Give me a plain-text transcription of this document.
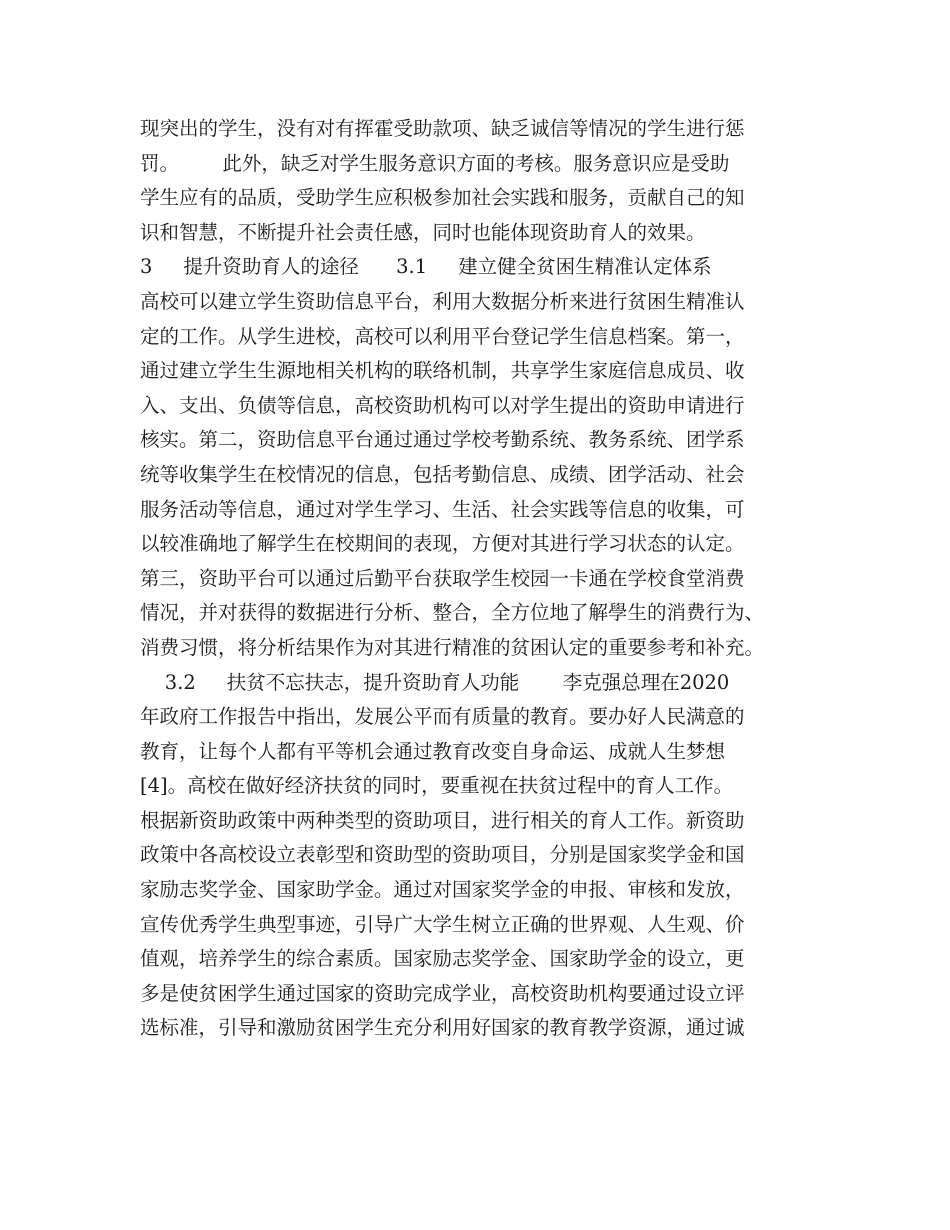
现突出的学生，没有对有挥霍受助款项、缺乏诚信等情况的学生进行惩
罚。       此外，缺乏对学生服务意识方面的考核。服务意识应是受助
学生应有的品质，受助学生应积极参加社会实践和服务，贡献自己的知
识和智慧，不断提升社会责任感，同时也能体现资助育人的效果。
3     提升资助育人的途径      3.1     建立健全贫困生精准认定体系
高校可以建立学生资助信息平台，利用大数据分析来进行贫困生精准认
定的工作。从学生进校，高校可以利用平台登记学生信息档案。第一，
通过建立学生生源地相关机构的联络机制，共享学生家庭信息成员、收
入、支出、负债等信息，高校资助机构可以对学生提出的资助申请进行
核实。第二，资助信息平台通过通过学校考勤系统、教务系统、团学系
统等收集学生在校情况的信息，包括考勤信息、成绩、团学活动、社会
服务活动等信息，通过对学生学习、生活、社会实践等信息的收集，可
以较准确地了解学生在校期间的表现，方便对其进行学习状态的认定。
第三，资助平台可以通过后勤平台获取学生校园一卡通在学校食堂消费
情况，并对获得的数据进行分析、整合，全方位地了解學生的消费行为、
消费习惯，将分析结果作为对其进行精准的贫困认定的重要参考和补充。
3.2     扶贫不忘扶志，提升资助育人功能       李克强总理在2020
年政府工作报告中指出，发展公平而有质量的教育。要办好人民满意的
教育，让每个人都有平等机会通过教育改变自身命运、成就人生梦想
[4]。高校在做好经济扶贫的同时，要重视在扶贫过程中的育人工作。
根据新资助政策中两种类型的资助项目，进行相关的育人工作。新资助
政策中各高校设立表彰型和资助型的资助项目，分别是国家奖学金和国
家励志奖学金、国家助学金。通过对国家奖学金的申报、审核和发放，
宣传优秀学生典型事迹，引导广大学生树立正确的世界观、人生观、价
值观，培养学生的综合素质。国家励志奖学金、国家助学金的设立，更
多是使贫困学生通过国家的资助完成学业，高校资助机构要通过设立评
选标准，引导和激励贫困学生充分利用好国家的教育教学资源，通过诚
